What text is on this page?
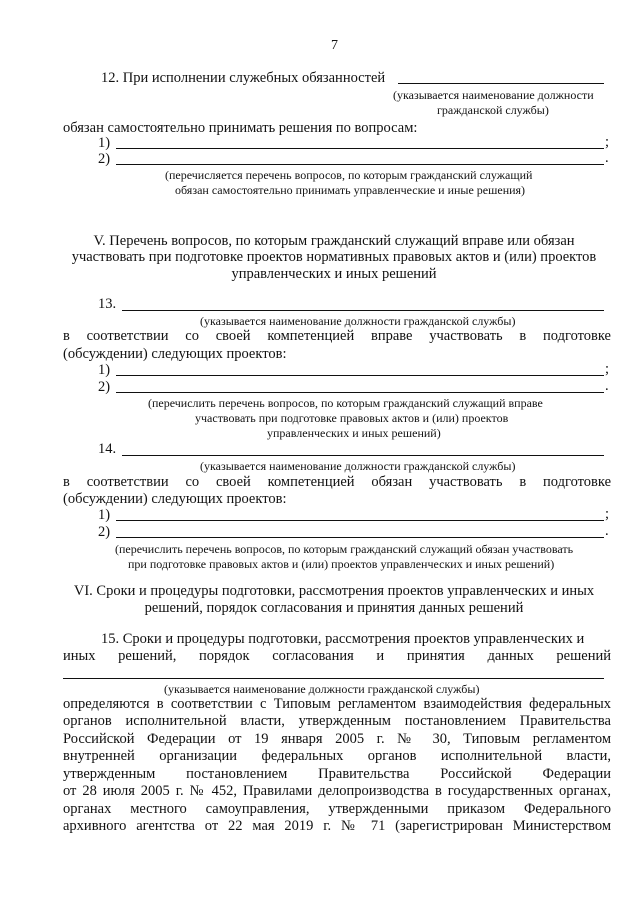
7
12. При исполнении служебных обязанностей
(указывается наименование должности
гражданской службы)
обязан самостоятельно принимать решения по вопросам:
1)	;
2)	.
(перечисляется перечень вопросов, по которым гражданский служащий
обязан самостоятельно принимать управленческие и иные решения)
V. Перечень вопросов, по которым гражданский служащий вправе или обязан
участвовать при подготовке проектов нормативных правовых актов и (или) проектов
управленческих и иных решений
13.
(указывается наименование должности гражданской службы)
в соответствии со своей компетенцией вправе участвовать в подготовке
(обсуждении) следующих проектов:
1)	;
2)	.
(перечислить перечень вопросов, по которым гражданский служащий вправе
участвовать при подготовке правовых актов и (или) проектов
управленческих и иных решений)
14.
(указывается наименование должности гражданской службы)
в соответствии со своей компетенцией обязан участвовать в подготовке
(обсуждении) следующих проектов:
1)	;
2)	.
(перечислить перечень вопросов, по которым гражданский служащий обязан участвовать
при подготовке правовых актов и (или) проектов управленческих и иных решений)
VI. Сроки и процедуры подготовки, рассмотрения проектов управленческих и иных
решений, порядок согласования и принятия данных решений
15. Сроки и процедуры подготовки, рассмотрения проектов управленческих и
иных решений, порядок согласования и принятия данных решений
(указывается наименование должности гражданской службы)
определяются в соответствии с Типовым регламентом взаимодействия федеральных
органов исполнительной власти, утвержденным постановлением Правительства
Российской Федерации от 19 января 2005 г. № 30, Типовым регламентом
внутренней организации федеральных органов исполнительной власти,
утвержденным постановлением Правительства Российской Федерации
от 28 июля 2005 г. № 452, Правилами делопроизводства в государственных органах,
органах местного самоуправления, утвержденными приказом Федерального
архивного агентства от 22 мая 2019 г. № 71 (зарегистрирован Министерством
